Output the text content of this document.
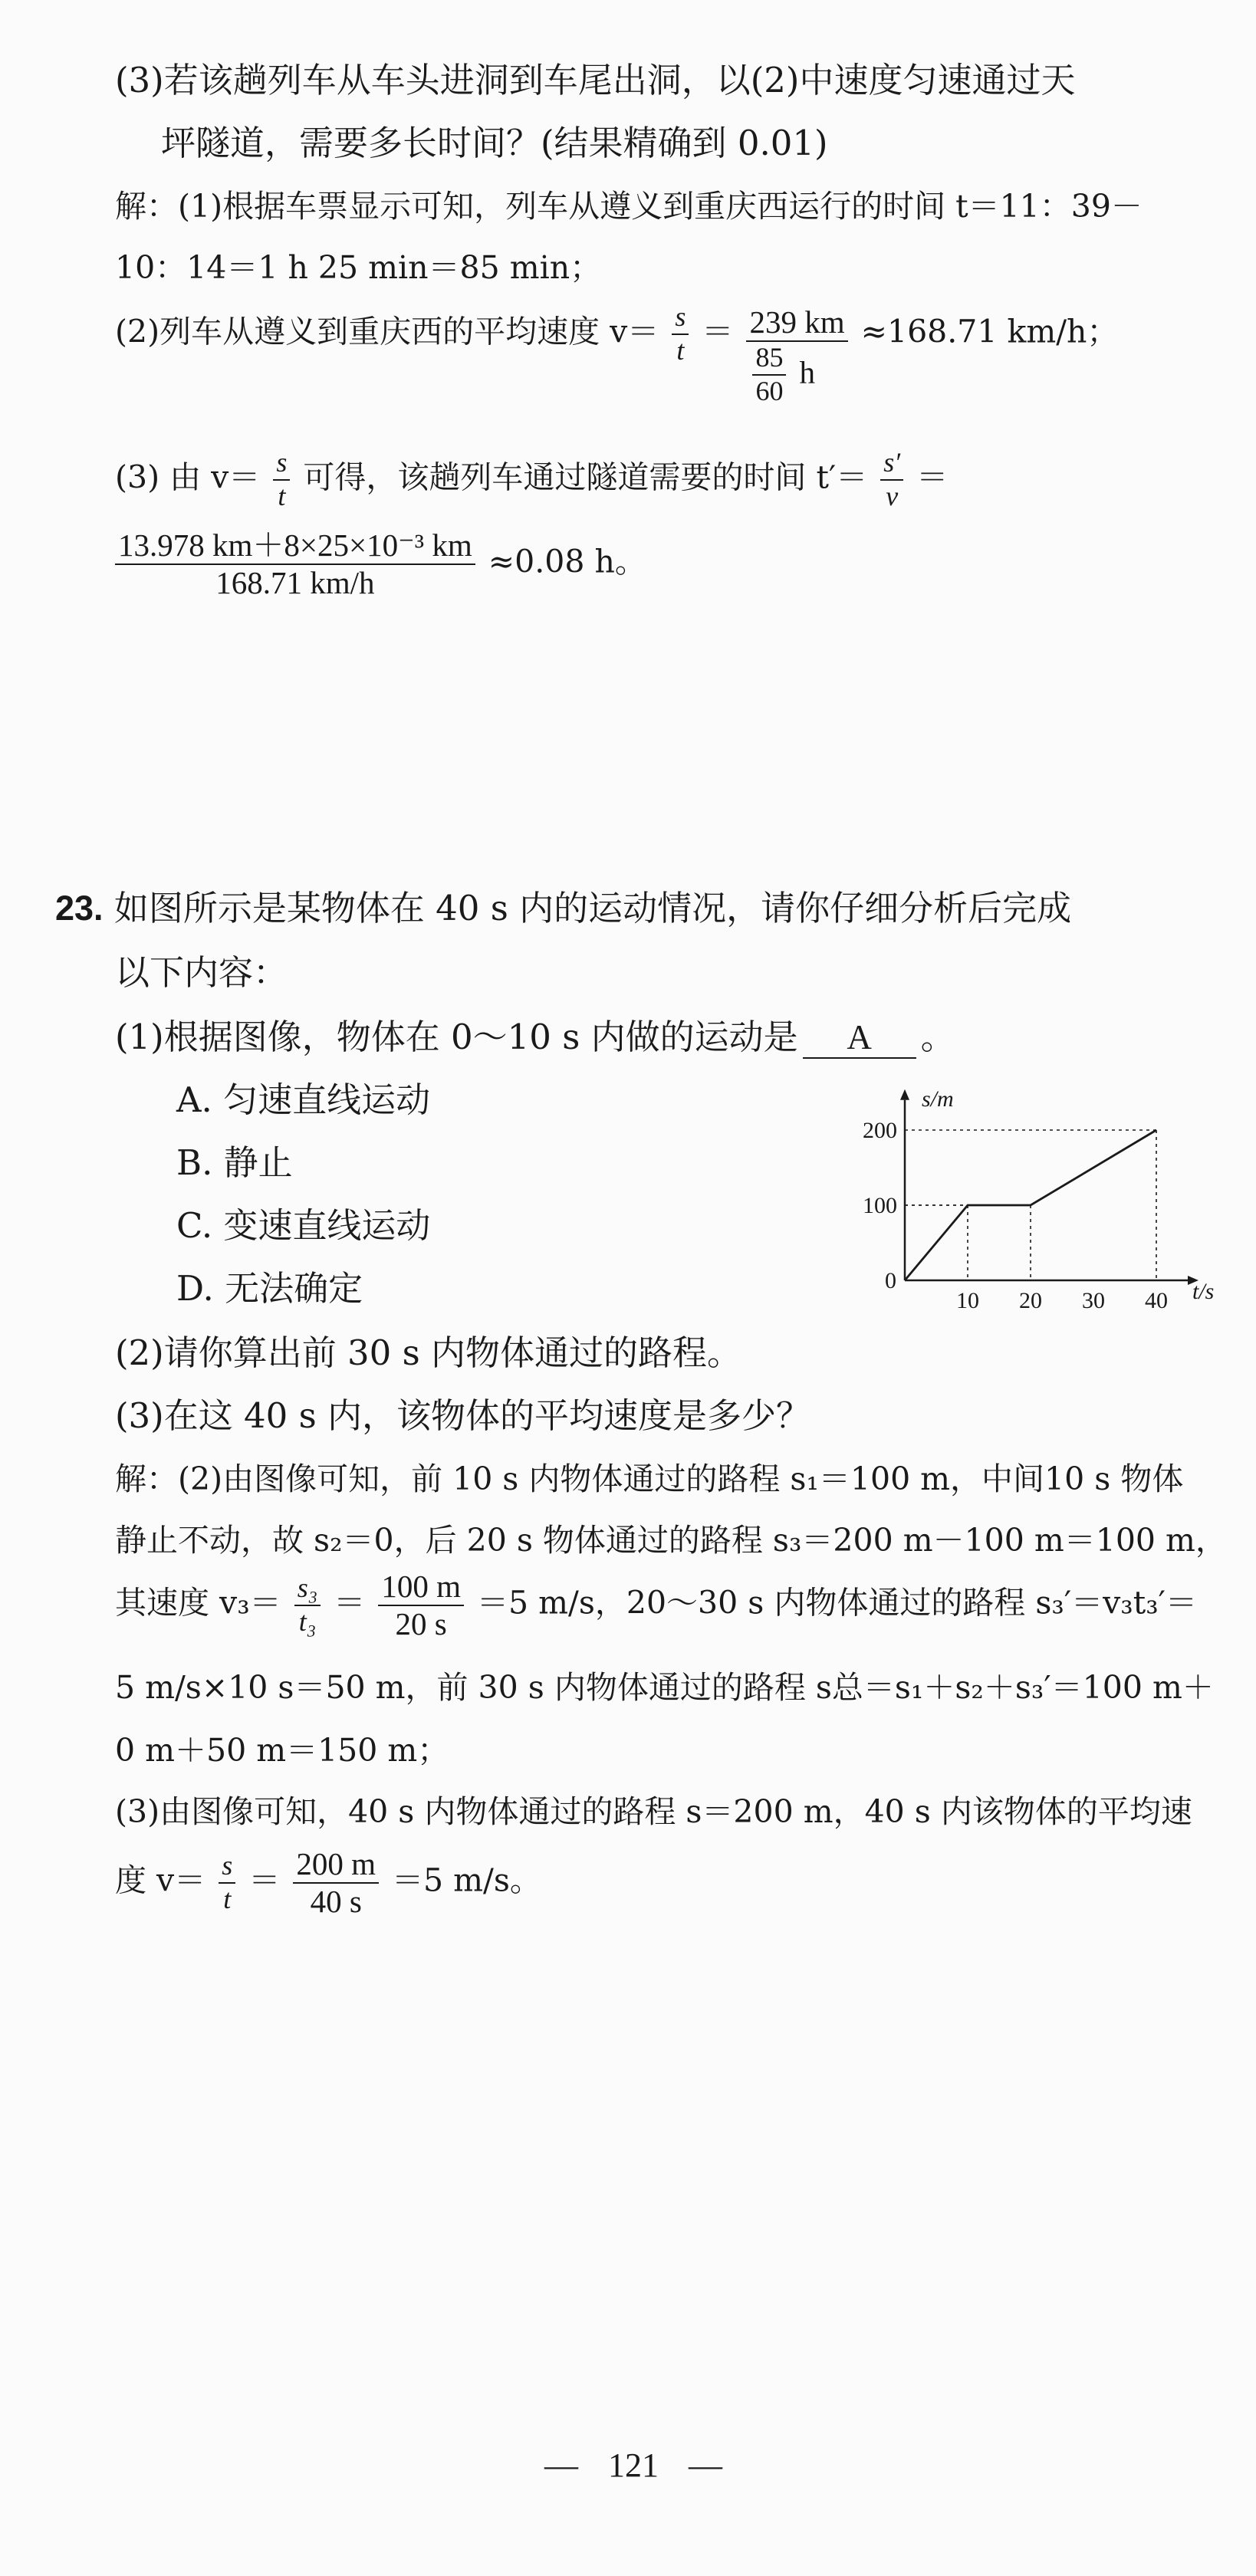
(3)若该趟列车从车头进洞到车尾出洞，以(2)中速度匀速通过天
坪隧道，需要多长时间？(结果精确到 0.01)
解：(1)根据车票显示可知，列车从遵义到重庆西运行的时间 t＝11：39－
10：14＝1 h 25 min＝85 min；
(2)列车从遵义到重庆西的平均速度 $v= \frac{s}{t} = \frac{239 km}{\frac{85}{60} h} \approx 168.71$ km/h；
(3) 由 $v= \frac{s}{t}$ 可得，该趟列车通过隧道需要的时间 $t'= \frac{s'}{v}$ ＝
$\frac{\text{13.978 km＋8×25×10⁻³ km}}{168.71 km/h} \approx 0.08$ h。
23. 如图所示是某物体在 40 s 内的运动情况，请你仔细分析后完成
以下内容：
(1)根据图像，物体在 0～10 s 内做的运动是 A 。
A. 匀速直线运动
B. 静止
C. 变速直线运动
D. 无法确定
s/m
t/s
0
10 20 30 40
100
200
(2)请你算出前 30 s 内物体通过的路程。
(3)在这 40 s 内，该物体的平均速度是多少？
解：(2)由图像可知，前 10 s 内物体通过的路程 s₁＝100 m，中间10 s 物体
静止不动，故 s₂＝0，后 20 s 物体通过的路程 s₃＝200 m－100 m＝100 m，
其速度 $v_3= \frac{\text{s₃}}{\text{t₃}} = \frac{100 m}{20 s} =5$ m/s，20～30 s 内物体通过的路程 s₃′＝v₃t₃′＝
5 m/s×10 s＝50 m，前 30 s 内物体通过的路程 s总＝s₁＋s₂＋s₃′＝100 m＋
0 m＋50 m＝150 m；
(3)由图像可知，40 s 内物体通过的路程 s＝200 m，40 s 内该物体的平均速
度 $v= \frac{s}{t} = \frac{200 m}{40 s} =5$ m/s。
— 121 —
